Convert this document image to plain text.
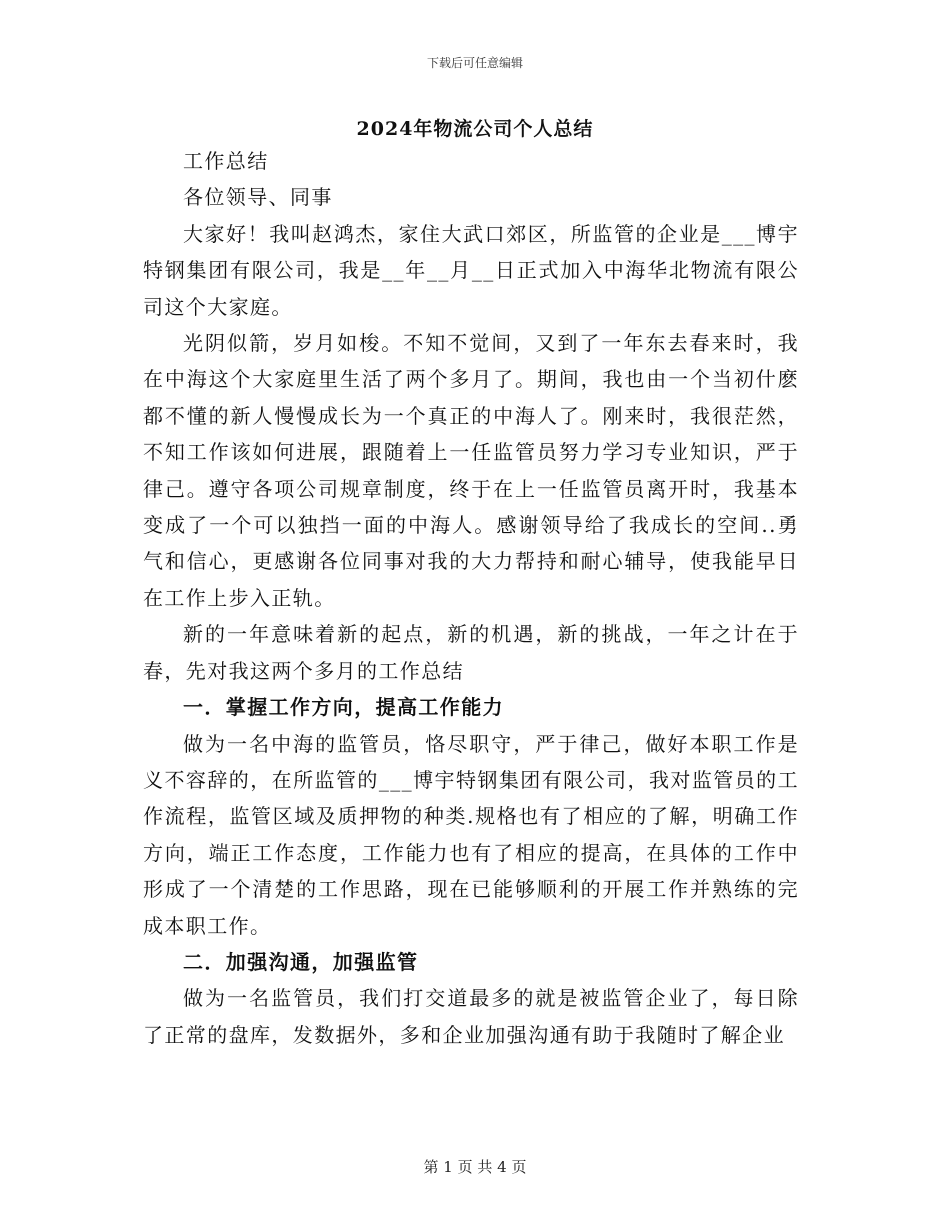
下载后可任意编辑
2024年物流公司个人总结

工作总结

各位领导、同事

大家好！我叫赵鸿杰，家住大武口郊区，所监管的企业是___博宇特钢集团有限公司，我是__年__月__日正式加入中海华北物流有限公司这个大家庭。

光阴似箭，岁月如梭。不知不觉间，又到了一年东去春来时，我在中海这个大家庭里生活了两个多月了。期间，我也由一个当初什麽都不懂的新人慢慢成长为一个真正的中海人了。刚来时，我很茫然，不知工作该如何进展，跟随着上一任监管员努力学习专业知识，严于律己。遵守各项公司规章制度，终于在上一任监管员离开时，我基本变成了一个可以独挡一面的中海人。感谢领导给了我成长的空间..勇气和信心，更感谢各位同事对我的大力帮持和耐心辅导，使我能早日在工作上步入正轨。

新的一年意味着新的起点，新的机遇，新的挑战，一年之计在于春，先对我这两个多月的工作总结

一．掌握工作方向，提高工作能力

做为一名中海的监管员，恪尽职守，严于律己，做好本职工作是义不容辞的，在所监管的___博宇特钢集团有限公司，我对监管员的工作流程，监管区域及质押物的种类.规格也有了相应的了解，明确工作方向，端正工作态度，工作能力也有了相应的提高，在具体的工作中形成了一个清楚的工作思路，现在已能够顺利的开展工作并熟练的完成本职工作。

二．加强沟通，加强监管

做为一名监管员，我们打交道最多的就是被监管企业了，每日除了正常的盘库，发数据外，多和企业加强沟通有助于我随时了解企业

第 1 页 共 4 页
